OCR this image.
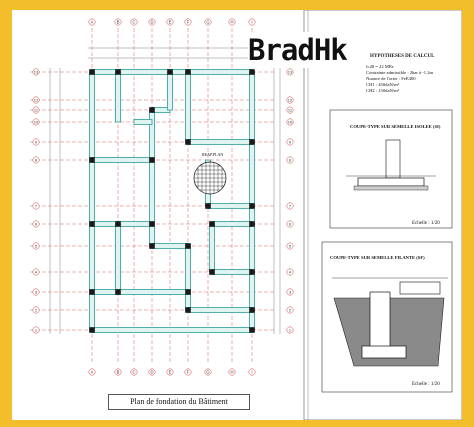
A
A
B
B
C
C
D
D
E
E
F
F
G
G
H
H
I
I
13	13
12	12
11	11
10	10
9	9
8	8
7	7
6	6
5	5
4	4
3	3
2	2
1	1
BradHk	HYPOTHESES DE CALCUL
fc28 = 22 MPa
Contrainte admissible : 2bar à -1.2m
Nuance de l'acier : FeE400
CH1 : 450daN/m²
CH2 : 150daN/m²
COUPE-TYPE SUR SEMELLE ISOLEE (SI)
Echelle : 1/20
COUPE-TYPE SUR SEMELLE FILANTE (SF)
Echelle : 1/20
REAP.PLAN
Plan de fondation du Bâtiment
